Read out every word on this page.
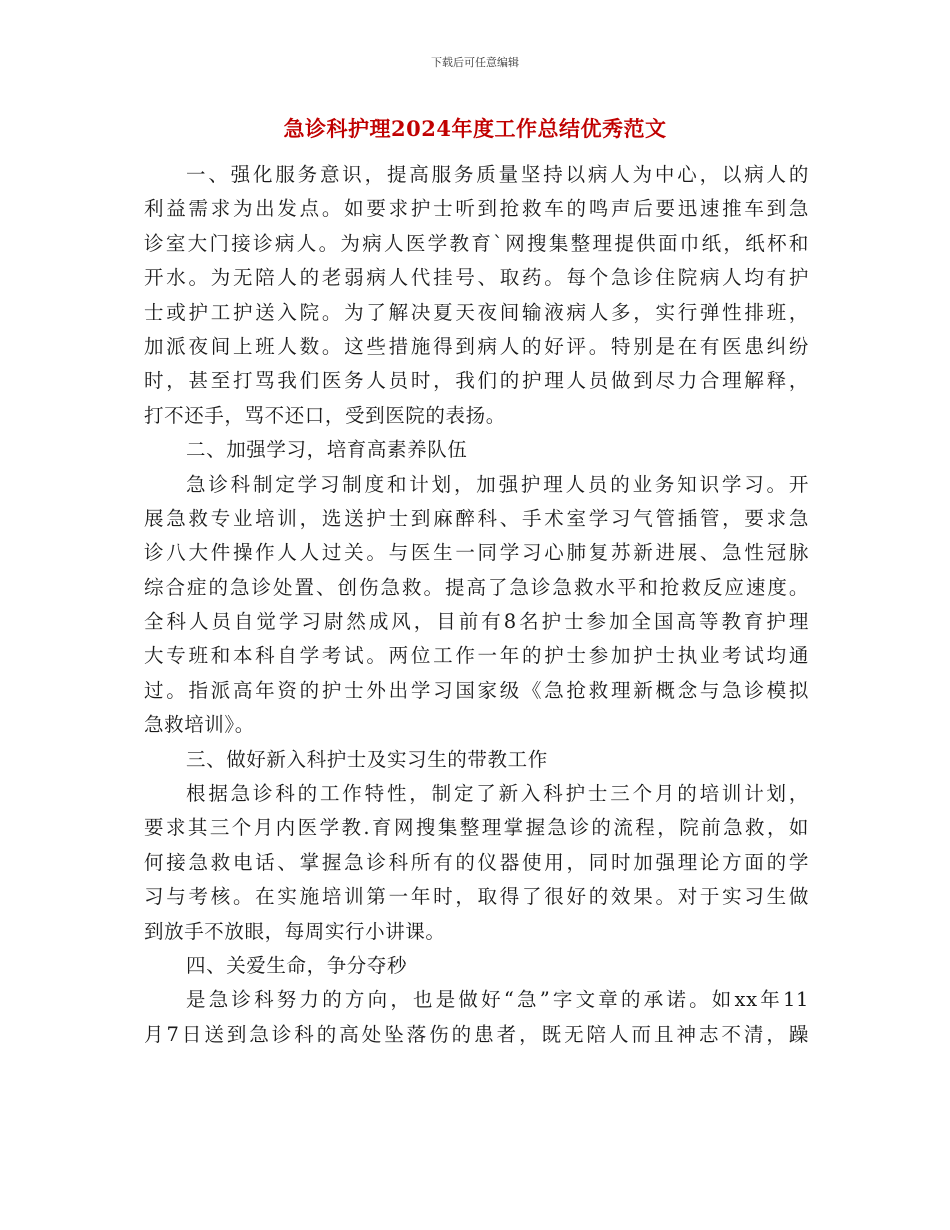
下载后可任意编辑
急诊科护理2024年度工作总结优秀范文
一、强化服务意识，提高服务质量坚持以病人为中心，以病人的
利益需求为出发点。如要求护士听到抢救车的鸣声后要迅速推车到急
诊室大门接诊病人。为病人医学教育`网搜集整理提供面巾纸，纸杯和
开水。为无陪人的老弱病人代挂号、取药。每个急诊住院病人均有护
士或护工护送入院。为了解决夏天夜间输液病人多，实行弹性排班，
加派夜间上班人数。这些措施得到病人的好评。特别是在有医患纠纷
时，甚至打骂我们医务人员时，我们的护理人员做到尽力合理解释，
打不还手，骂不还口，受到医院的表扬。
二、加强学习，培育高素养队伍
急诊科制定学习制度和计划，加强护理人员的业务知识学习。开
展急救专业培训，选送护士到麻醉科、手术室学习气管插管，要求急
诊八大件操作人人过关。与医生一同学习心肺复苏新进展、急性冠脉
综合症的急诊处置、创伤急救。提高了急诊急救水平和抢救反应速度。
全科人员自觉学习尉然成风，目前有8名护士参加全国高等教育护理
大专班和本科自学考试。两位工作一年的护士参加护士执业考试均通
过。指派高年资的护士外出学习国家级《急抢救理新概念与急诊模拟
急救培训》。
三、做好新入科护士及实习生的带教工作
根据急诊科的工作特性，制定了新入科护士三个月的培训计划，
要求其三个月内医学教.育网搜集整理掌握急诊的流程，院前急救，如
何接急救电话、掌握急诊科所有的仪器使用，同时加强理论方面的学
习与考核。在实施培训第一年时，取得了很好的效果。对于实习生做
到放手不放眼，每周实行小讲课。
四、关爱生命，争分夺秒
是急诊科努力的方向，也是做好“急”字文章的承诺。如xx年11
月7日送到急诊科的高处坠落伤的患者，既无陪人而且神志不清，躁
